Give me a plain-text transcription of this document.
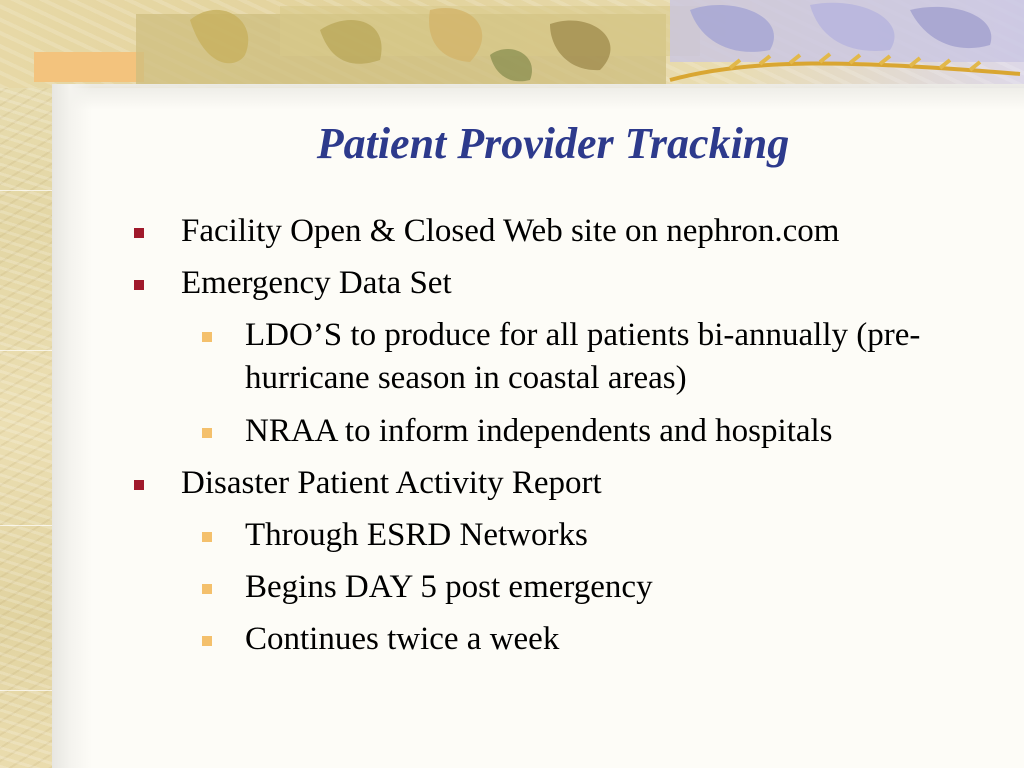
Patient Provider Tracking
Facility Open & Closed Web site on nephron.com
Emergency Data Set
LDO’S to produce for all patients bi-annually (pre-hurricane season in coastal areas)
NRAA to inform independents and hospitals
Disaster Patient Activity Report
Through ESRD Networks
Begins DAY 5 post emergency
Continues twice a week
